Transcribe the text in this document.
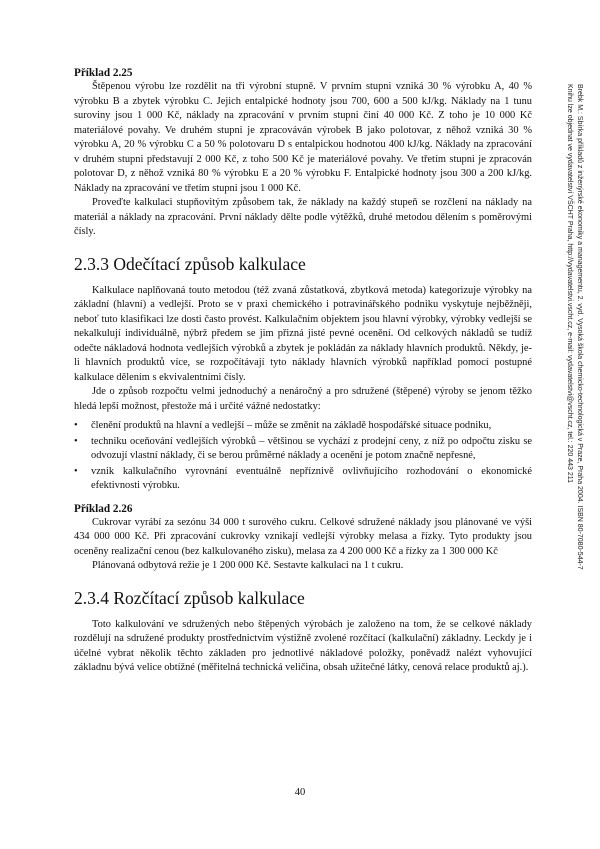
Příklad 2.25

Štěpenou výrobu lze rozdělit na tři výrobní stupně. V prvním stupni vzniká 30 % výrobku A, 40 % výrobku B a zbytek výrobku C. Jejich entalpické hodnoty jsou 700, 600 a 500 kJ/kg. Náklady na 1 tunu suroviny jsou 1 000 Kč, náklady na zpracování v prvním stupni činí 40 000 Kč. Z toho je 10 000 Kč materiálové povahy. Ve druhém stupni je zpracováván výrobek B jako polotovar, z něhož vzniká 30 % výrobku A, 20 % výrobku C a 50 % polotovaru D s entalpickou hodnotou 400 kJ/kg. Náklady na zpracování v druhém stupni představují 2 000 Kč, z toho 500 Kč je materiálové povahy. Ve třetím stupni je zpracován polotovar D, z něhož vzniká 80 % výrobku E a 20 % výrobku F. Entalpické hodnoty jsou 300 a 200 kJ/kg. Náklady na zpracování ve třetím stupni jsou 1 000 Kč.

Proveďte kalkulaci stupňovitým způsobem tak, že náklady na každý stupeň se rozčlení na náklady na materiál a náklady na zpracování. První náklady dělte podle výtěžků, druhé metodou dělením s poměrovými čísly.

2.3.3 Odečítací způsob kalkulace

Kalkulace naplňovaná touto metodou (též zvaná zůstatková, zbytková metoda) kategorizuje výrobky na základní (hlavní) a vedlejší. Proto se v praxi chemického i potravinářského podniku vyskytuje nejběžněji, neboť tuto klasifikaci lze dosti často provést. Kalkulačním objektem jsou hlavní výrobky, výrobky vedlejší se nekalkulují individuálně, nýbrž předem se jim přizná jisté pevné ocenění. Od celkových nákladů se tudíž odečte nákladová hodnota vedlejších výrobků a zbytek je pokládán za náklady hlavních produktů. Někdy, je-li hlavních produktů více, se rozpočítávají tyto náklady hlavních výrobků například pomocí postupné kalkulace dělením s ekvivalentními čísly.

Jde o způsob rozpočtu velmi jednoduchý a nenáročný a pro sdružené (štěpené) výroby se jenom těžko hledá lepší možnost, přestože má i určité vážné nedostatky:

• členění produktů na hlavní a vedlejší – může se změnit na základě hospodářské situace podniku,
• techniku oceňování vedlejších výrobků – většinou se vychází z prodejní ceny, z níž po odpočtu zisku se odvozují vlastní náklady, či se berou průměrné náklady a ocenění je potom značně nepřesné,
• vznik kalkulačního vyrovnání eventuálně nepříznivě ovlivňujícího rozhodování o ekonomické efektivnosti výrobku.
Příklad 2.26

Cukrovar vyrábí za sezónu 34 000 t surového cukru. Celkové sdružené náklady jsou plánované ve výši 434 000 000 Kč. Při zpracování cukrovky vznikají vedlejší výrobky melasa a řízky. Tyto produkty jsou oceněny realizační cenou (bez kalkulovaného zisku), melasa za 4 200 000 Kč a řízky za 1 300 000 Kč

Plánovaná odbytová režie je 1 200 000 Kč. Sestavte kalkulaci na 1 t cukru.

2.3.4 Rozčítací způsob kalkulace

Toto kalkulování ve sdružených nebo štěpených výrobách je založeno na tom, že se celkové náklady rozdělují na sdružené produkty prostřednictvím výstižně zvolené rozčítací (kalkulační) základny. Leckdy je i účelné vybrat několik těchto základen pro jednotlivé nákladové položky, poněvadž nalézt vyhovující základnu bývá velice obtížné (měřitelná technická veličina, obsah užitečné látky, cenová relace produktů aj.).

40
Brebk M.: Sbírka příkladů z inženýrské ekonomiky a managementu, 2. vyd. Vysoká škola chemicko-technologická v Praze, Praha 2004. ISBN 80-7080-544-7
Knihu lze objednat ve vydavatelství VŠCHT Praha, http://vydavatelstvi.vscht.cz, e-mail: vydavatelstvi@vscht.cz, tel.: 220 443 211
